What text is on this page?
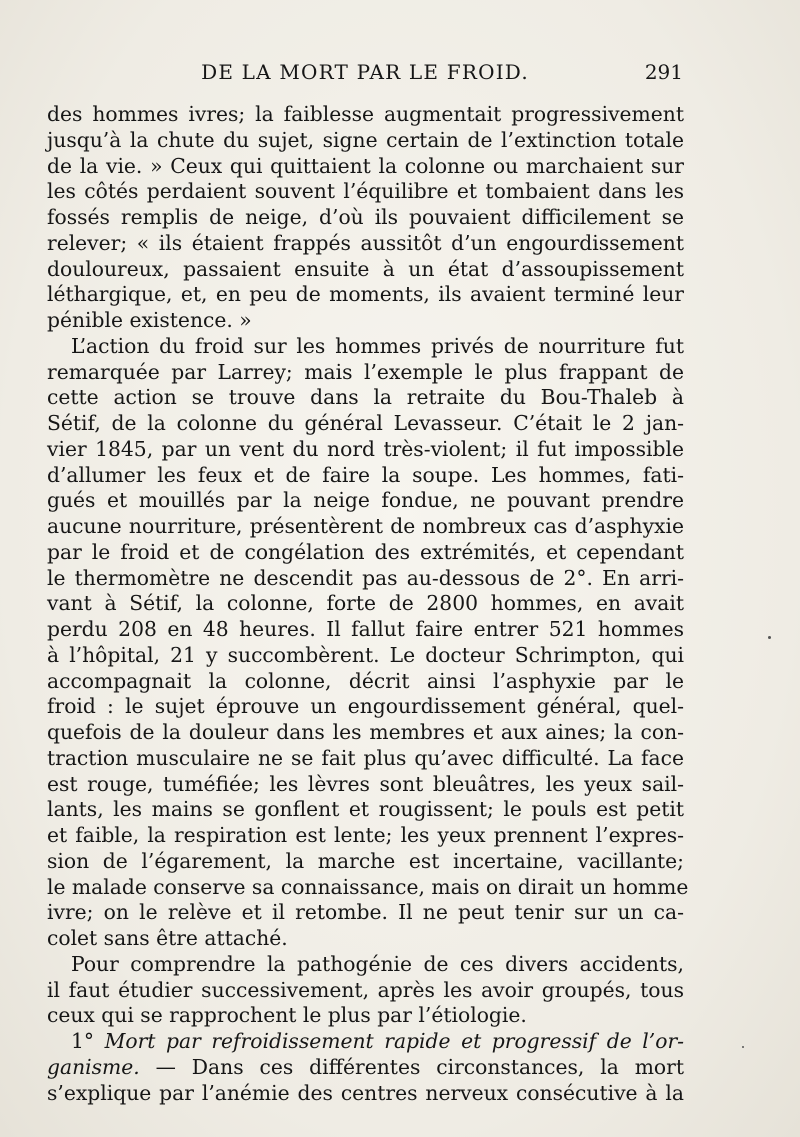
DE LA MORT PAR LE FROID.	291
des hommes ivres; la faiblesse augmentait progressivement
jusqu’à la chute du sujet, signe certain de l’extinction totale
de la vie. » Ceux qui quittaient la colonne ou marchaient sur
les côtés perdaient souvent l’équilibre et tombaient dans les
fossés remplis de neige, d’où ils pouvaient difficilement se
relever; « ils étaient frappés aussitôt d’un engourdissement
douloureux, passaient ensuite à un état d’assoupissement
léthargique, et, en peu de moments, ils avaient terminé leur
pénible existence. »
L’action du froid sur les hommes privés de nourriture fut
remarquée par Larrey; mais l’exemple le plus frappant de
cette action se trouve dans la retraite du Bou-Thaleb à
Sétif, de la colonne du général Levasseur. C’était le 2 jan-
vier 1845, par un vent du nord très-violent; il fut impossible
d’allumer les feux et de faire la soupe. Les hommes, fati-
gués et mouillés par la neige fondue, ne pouvant prendre
aucune nourriture, présentèrent de nombreux cas d’asphyxie
par le froid et de congélation des extrémités, et cependant
le thermomètre ne descendit pas au-dessous de 2°. En arri-
vant à Sétif, la colonne, forte de 2800 hommes, en avait
perdu 208 en 48 heures. Il fallut faire entrer 521 hommes
à l’hôpital, 21 y succombèrent. Le docteur Schrimpton, qui
accompagnait la colonne, décrit ainsi l’asphyxie par le
froid : le sujet éprouve un engourdissement général, quel-
quefois de la douleur dans les membres et aux aines; la con-
traction musculaire ne se fait plus qu’avec difficulté. La face
est rouge, tuméfiée; les lèvres sont bleuâtres, les yeux sail-
lants, les mains se gonflent et rougissent; le pouls est petit
et faible, la respiration est lente; les yeux prennent l’expres-
sion de l’égarement, la marche est incertaine, vacillante;
le malade conserve sa connaissance, mais on dirait un homme
ivre; on le relève et il retombe. Il ne peut tenir sur un ca-
colet sans être attaché.
Pour comprendre la pathogénie de ces divers accidents,
il faut étudier successivement, après les avoir groupés, tous
ceux qui se rapprochent le plus par l’étiologie.
1° Mort par refroidissement rapide et progressif de l’or-
ganisme. — Dans ces différentes circonstances, la mort
s’explique par l’anémie des centres nerveux consécutive à la
